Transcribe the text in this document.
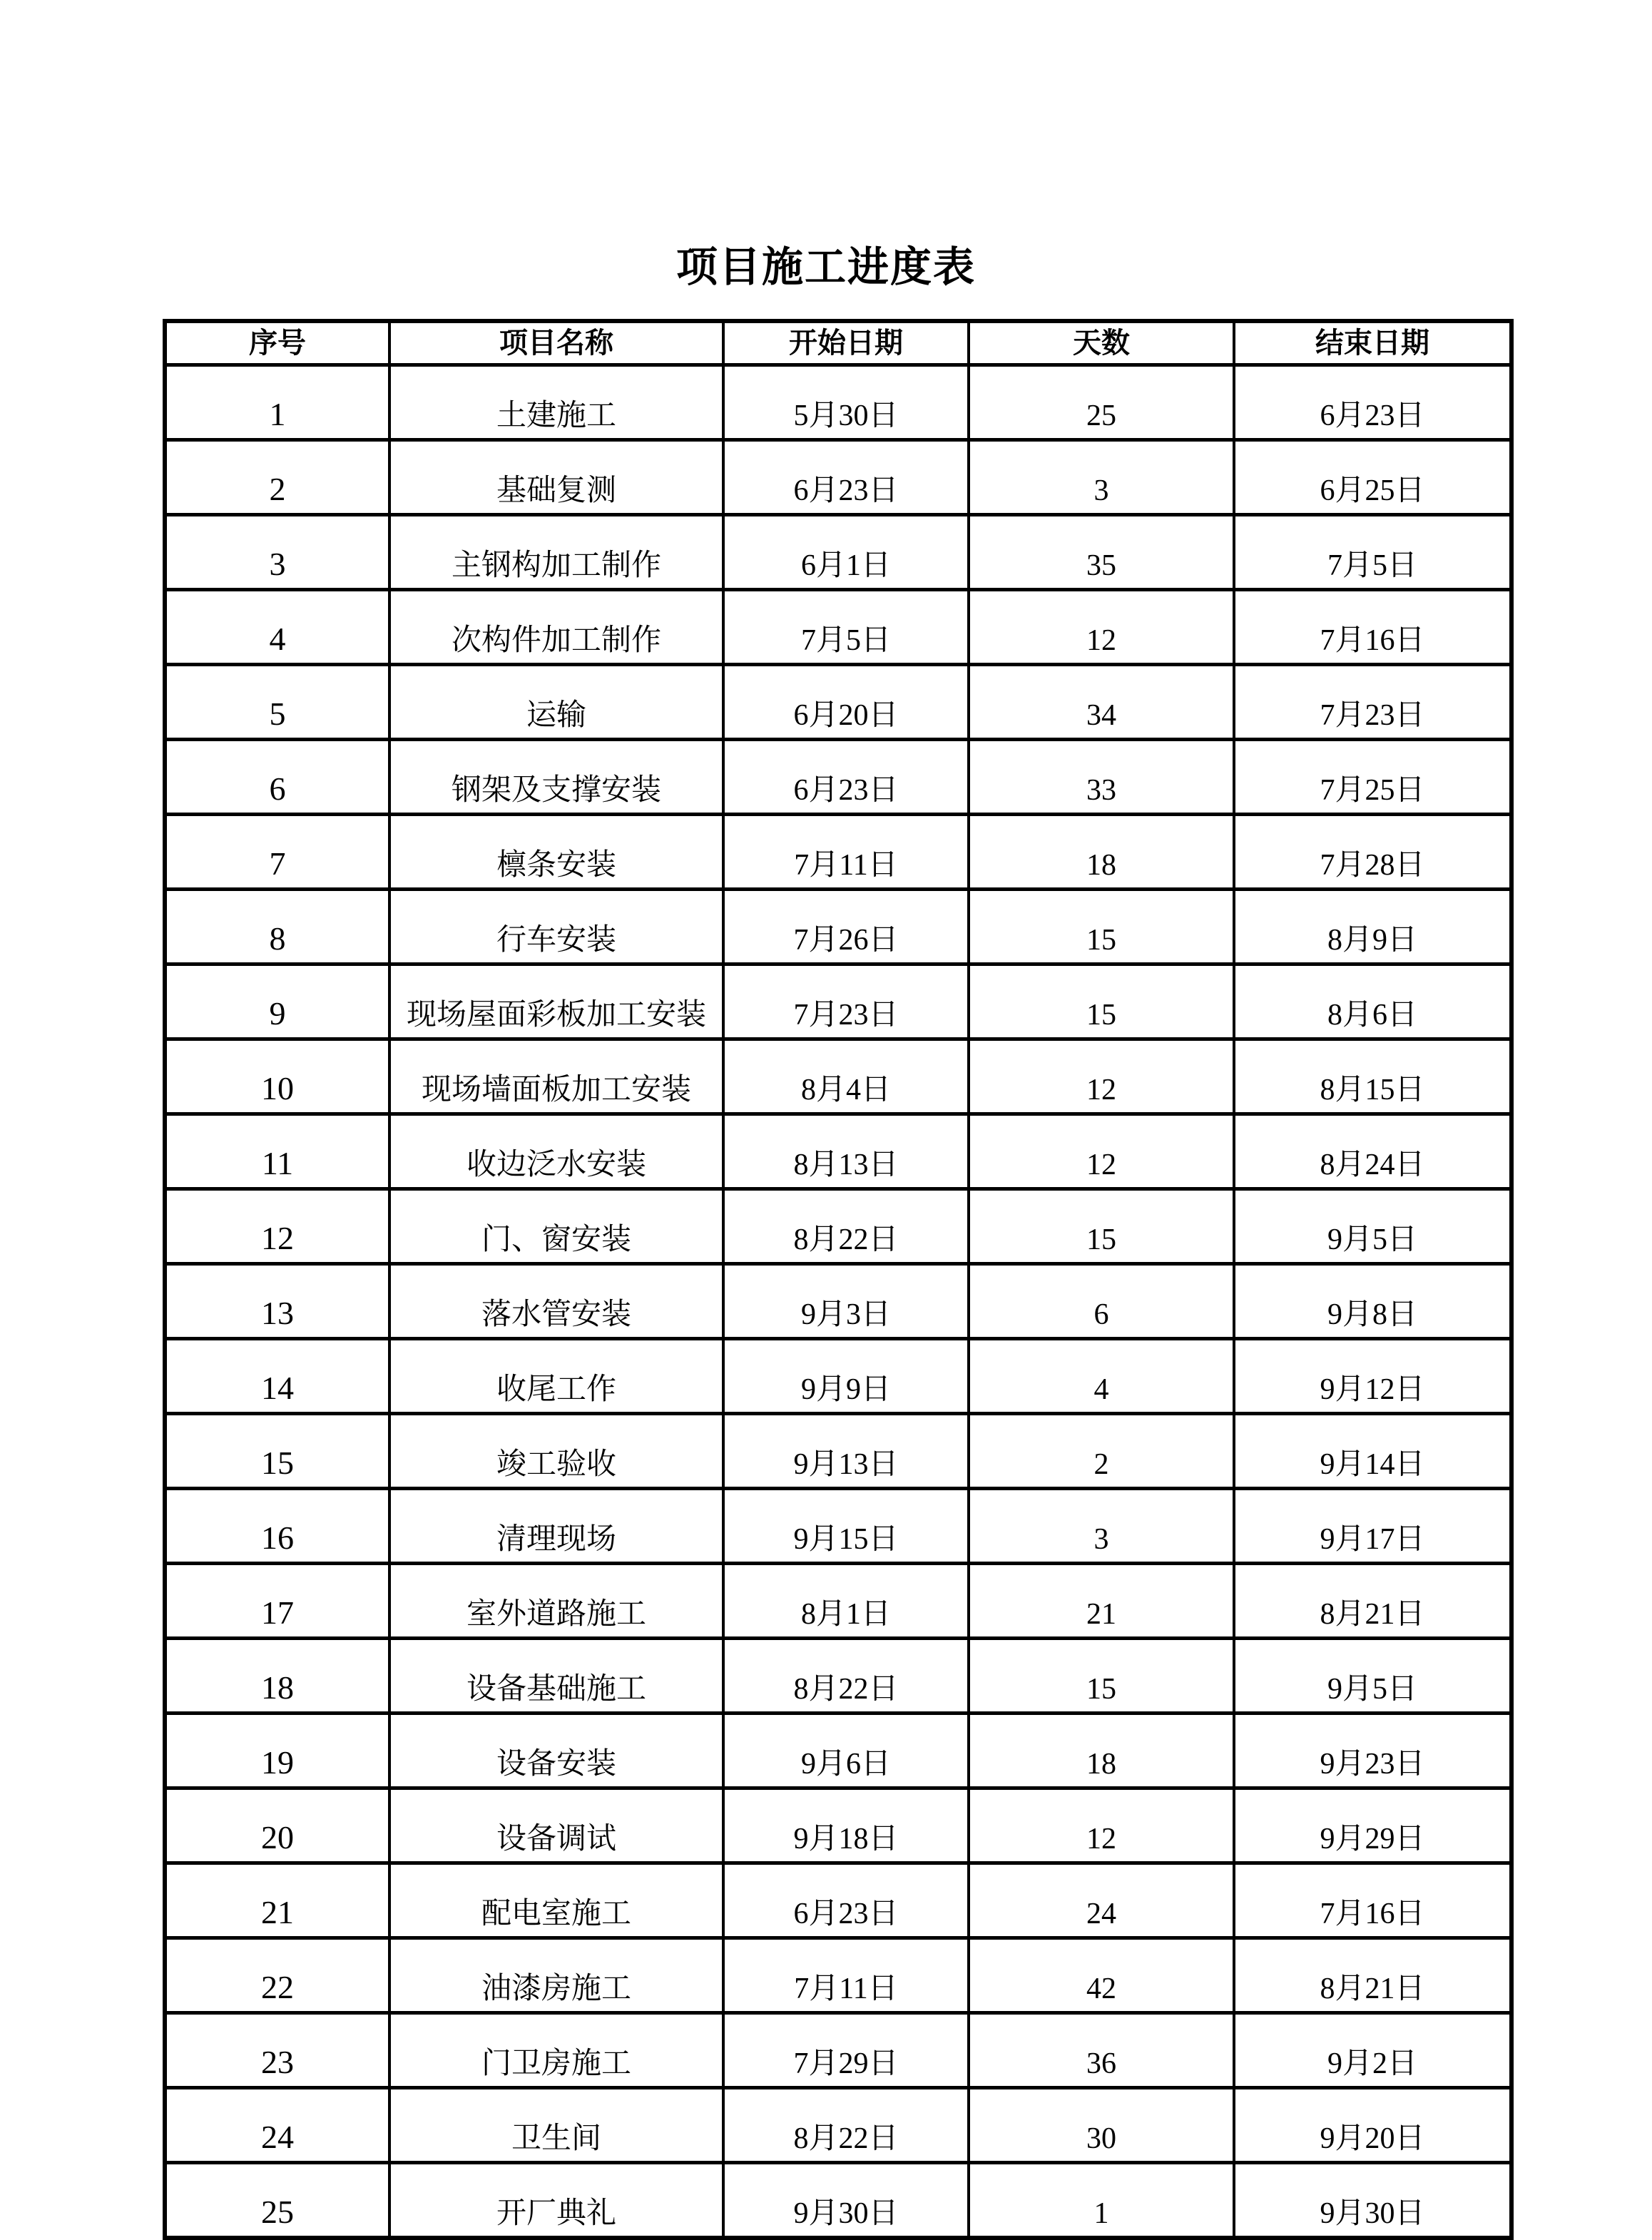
项目施工进度表
序号	项目名称	开始日期	天数	结束日期
1	土建施工	5月30日	25	6月23日
2	基础复测	6月23日	3	6月25日
3	主钢构加工制作	6月1日	35	7月5日
4	次构件加工制作	7月5日	12	7月16日
5	运输	6月20日	34	7月23日
6	钢架及支撑安装	6月23日	33	7月25日
7	檩条安装	7月11日	18	7月28日
8	行车安装	7月26日	15	8月9日
9	现场屋面彩板加工安装	7月23日	15	8月6日
10	现场墙面板加工安装	8月4日	12	8月15日
11	收边泛水安装	8月13日	12	8月24日
12	门、窗安装	8月22日	15	9月5日
13	落水管安装	9月3日	6	9月8日
14	收尾工作	9月9日	4	9月12日
15	竣工验收	9月13日	2	9月14日
16	清理现场	9月15日	3	9月17日
17	室外道路施工	8月1日	21	8月21日
18	设备基础施工	8月22日	15	9月5日
19	设备安装	9月6日	18	9月23日
20	设备调试	9月18日	12	9月29日
21	配电室施工	6月23日	24	7月16日
22	油漆房施工	7月11日	42	8月21日
23	门卫房施工	7月29日	36	9月2日
24	卫生间	8月22日	30	9月20日
25	开厂典礼	9月30日	1	9月30日
